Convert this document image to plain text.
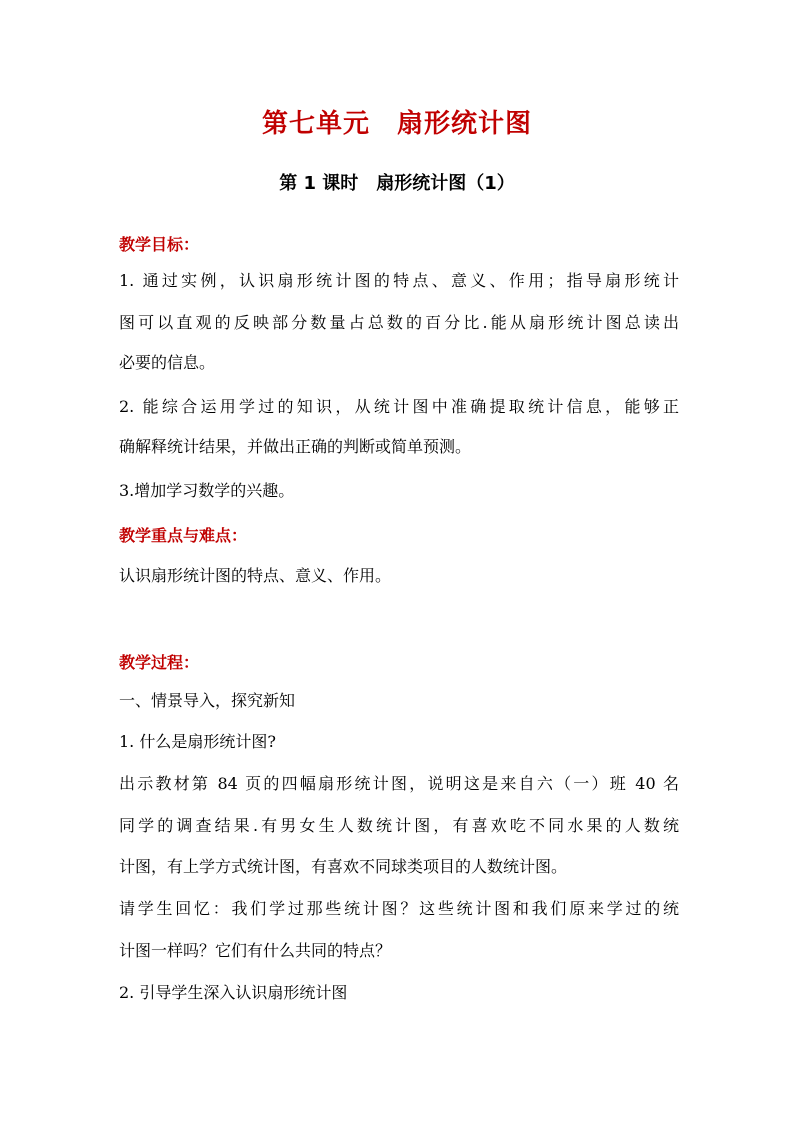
第七单元　扇形统计图
第 1 课时　扇形统计图（1）
教学目标：
1. 通过实例，认识扇形统计图的特点、意义、作用；指导扇形统计
图可以直观的反映部分数量占总数的百分比.能从扇形统计图总读出
必要的信息。
2. 能综合运用学过的知识，从统计图中准确提取统计信息，能够正
确解释统计结果，并做出正确的判断或简单预测。
3.增加学习数学的兴趣。
教学重点与难点：
认识扇形统计图的特点、意义、作用。
教学过程：
一、情景导入，探究新知
1. 什么是扇形统计图?
出示教材第 84 页的四幅扇形统计图，说明这是来自六（一）班 40 名
同学的调查结果.有男女生人数统计图，有喜欢吃不同水果的人数统
计图，有上学方式统计图，有喜欢不同球类项目的人数统计图。
请学生回忆：我们学过那些统计图？这些统计图和我们原来学过的统
计图一样吗？它们有什么共同的特点？
2. 引导学生深入认识扇形统计图
